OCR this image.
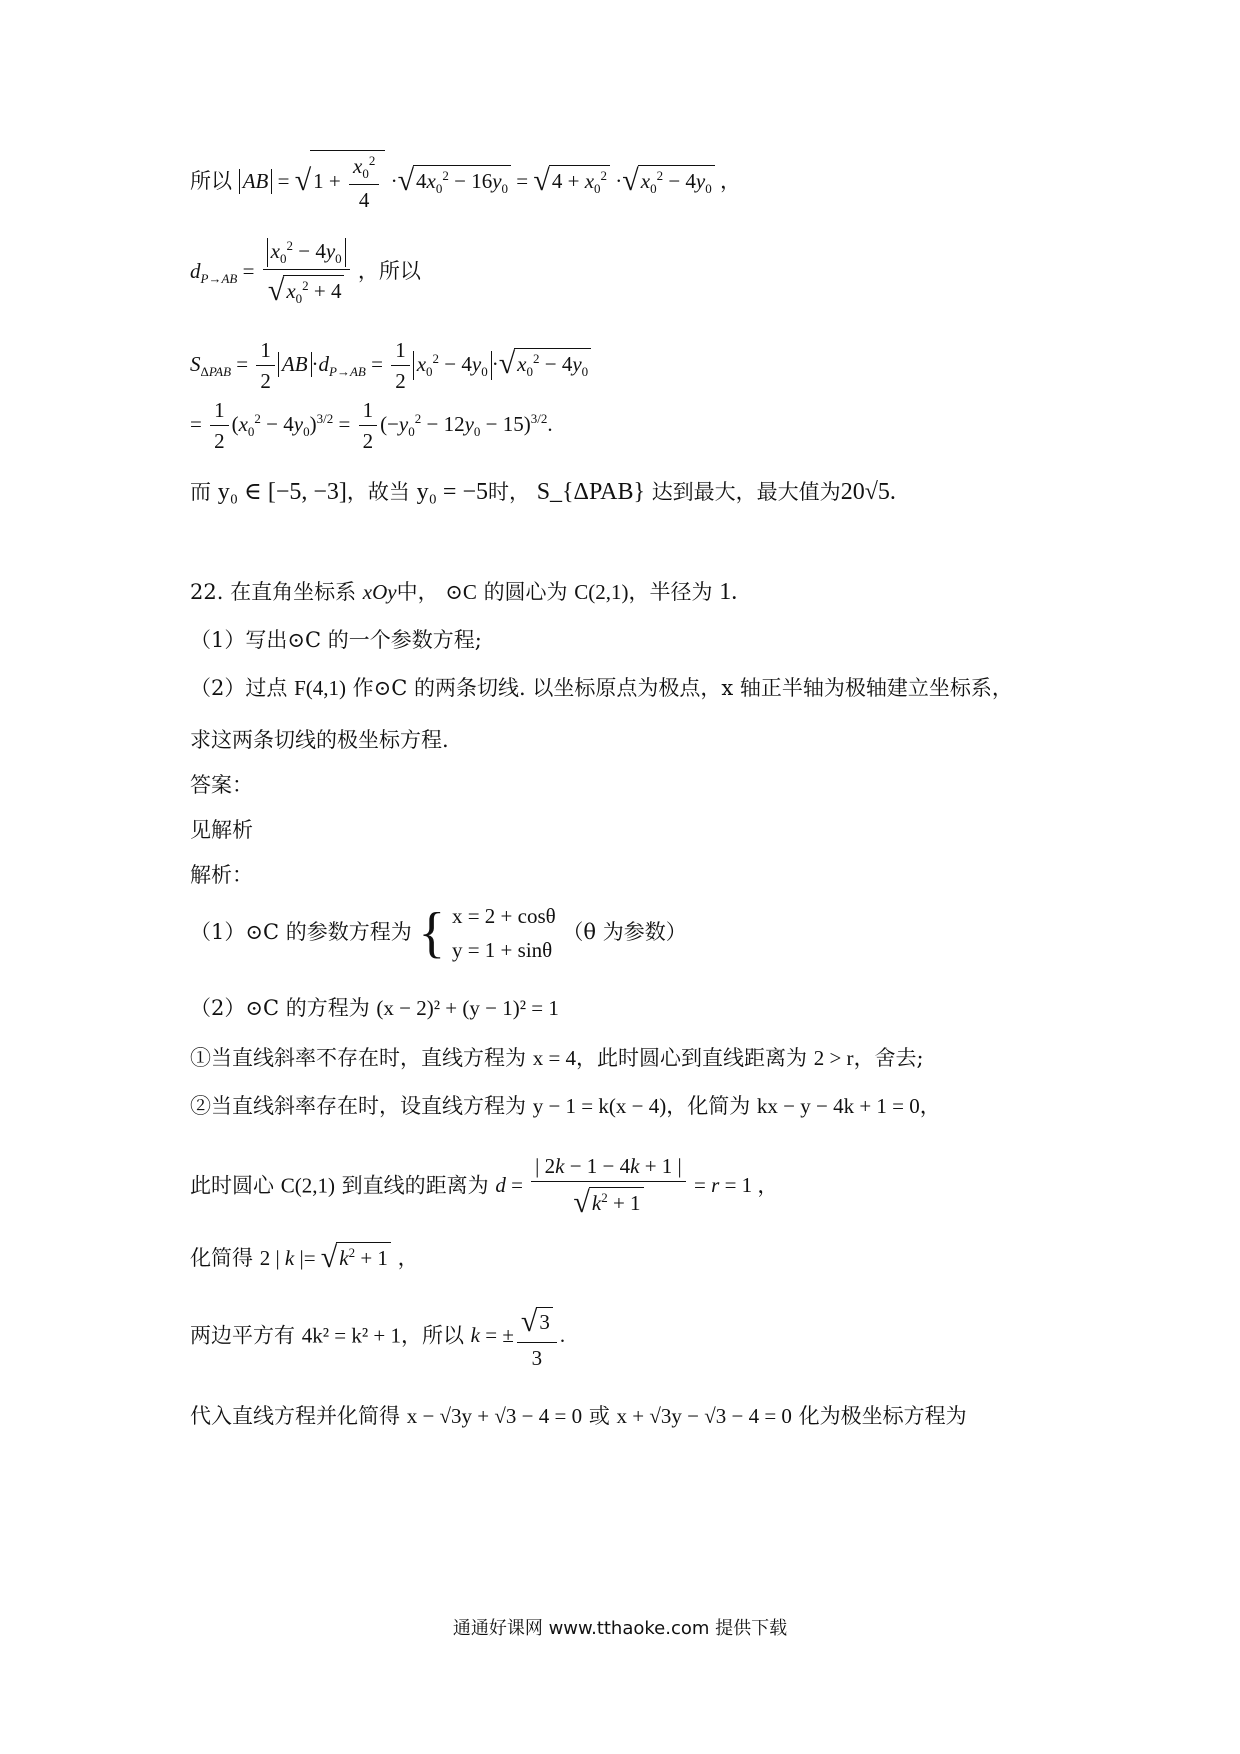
所以 AB = $√1 + \frac{x_0^2}{4} \cdot√4x_0^2 - 16y_0 = √4 + x_0^2 \cdot√x_0^2 - 4y_0$ ，
$d_{P\to AB} = \frac{x_0^2 - 4y_0}{√x_0^2 + 4}$ ，所以
$S_{\Delta PAB} = \frac{1}{2}$ AB $\cdot d_{P\to AB} = \frac{1}{2} x_0^2 - 4y_0 \cdot√x_0^2 - 4y_0$
= $\frac{1}{2} (x_0^2 - 4y_0)^{3/2} = \frac{1}{2} (-y_0^2 - 12y_0 - 15)^{3/2}$.
而 y₀ ∈ [−5, −3]，故当 y₀ = −5时， S_{ΔPAB} 达到最大，最大值为20√5.
22. 在直角坐标系 xOy中， ⊙C 的圆心为 C(2,1)，半径为 1.
（1）写出⊙C 的一个参数方程;
（2）过点 F(4,1) 作⊙C 的两条切线. 以坐标原点为极点，x 轴正半轴为极轴建立坐标系，
求这两条切线的极坐标方程.
答案：
见解析
解析：
（1）⊙C 的参数方程为 { x = 2 + cosθ
y = 1 + sinθ
（θ 为参数）
（2）⊙C 的方程为 (x − 2)² + (y − 1)² = 1
①当直线斜率不存在时，直线方程为 x = 4，此时圆心到直线距离为 2 > r，舍去;
②当直线斜率存在时，设直线方程为 y − 1 = k(x − 4)，化简为 kx − y − 4k + 1 = 0，
此时圆心 C(2,1) 到直线的距离为 $d = \frac{| 2k - 1 - 4k + 1 |}{√k^2 + 1} = r = 1$ ，
化简得 2 | k |= $√k^2 + 1$ ，
两边平方有 4k² = k² + 1，所以 k = ± $\frac{√3}{3}$ .
代入直线方程并化简得 x − √3y + √3 − 4 = 0 或 x + √3y − √3 − 4 = 0 化为极坐标方程为
通通好课网 www.tthaoke.com 提供下载
